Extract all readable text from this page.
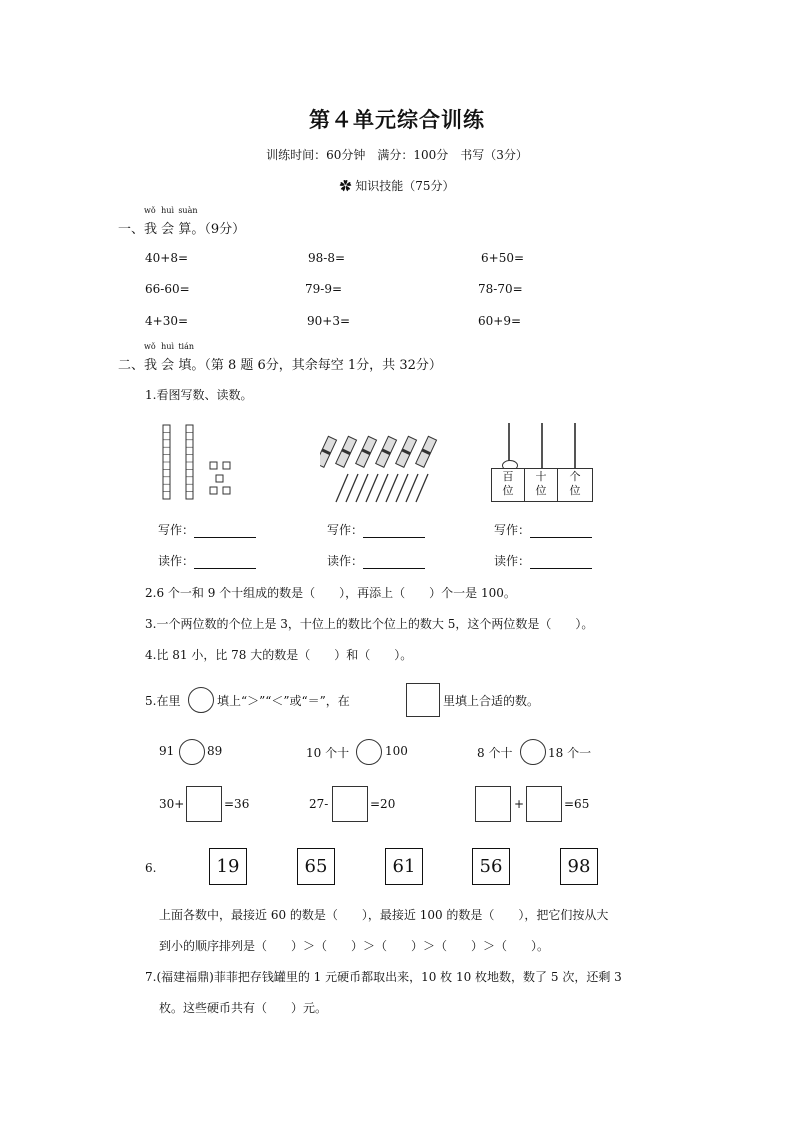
第４单元综合训练
训练时间：60分钟　满分：100分　书写（3分）
✿ 知识技能（75分）
一、
wǒ
我
huì
会
suàn
算。（9分）
40+8=	98-8=	6+50=
66-60=	79-9=	78-70=
4+30=	90+3=	60+9=
二、
wǒ
我
huì
会
tián
填。（第 8 题 6分，其余每空 1分，共 32分）
1.看图写数、读数。
百
位
十
位
个
位
写作：	写作：	写作：
读作：	读作：	读作：
2.6 个一和 9 个十组成的数是（　　），再添上（　　）个一是 100。
3.一个两位数的个位上是 3，十位上的数比个位上的数大 5，这个两位数是（　　）。
4.比 81 小，比 78 大的数是（　　）和（　　）。
5.在里	填上“＞”“＜”或“＝”，在	里填上合适的数。
91	89	10 个十	100	8 个十	18 个一
30+	=36	27-	=20	+	=65
6.	19	65	61	56	98
上面各数中，最接近 60 的数是（　　），最接近 100 的数是（　　），把它们按从大
到小的顺序排列是（　　）＞（　　）＞（　　）＞（　　）＞（　　）。
7.(福建福鼎)菲菲把存钱罐里的 1 元硬币都取出来，10 枚 10 枚地数，数了 5 次，还剩 3
枚。这些硬币共有（　　）元。
